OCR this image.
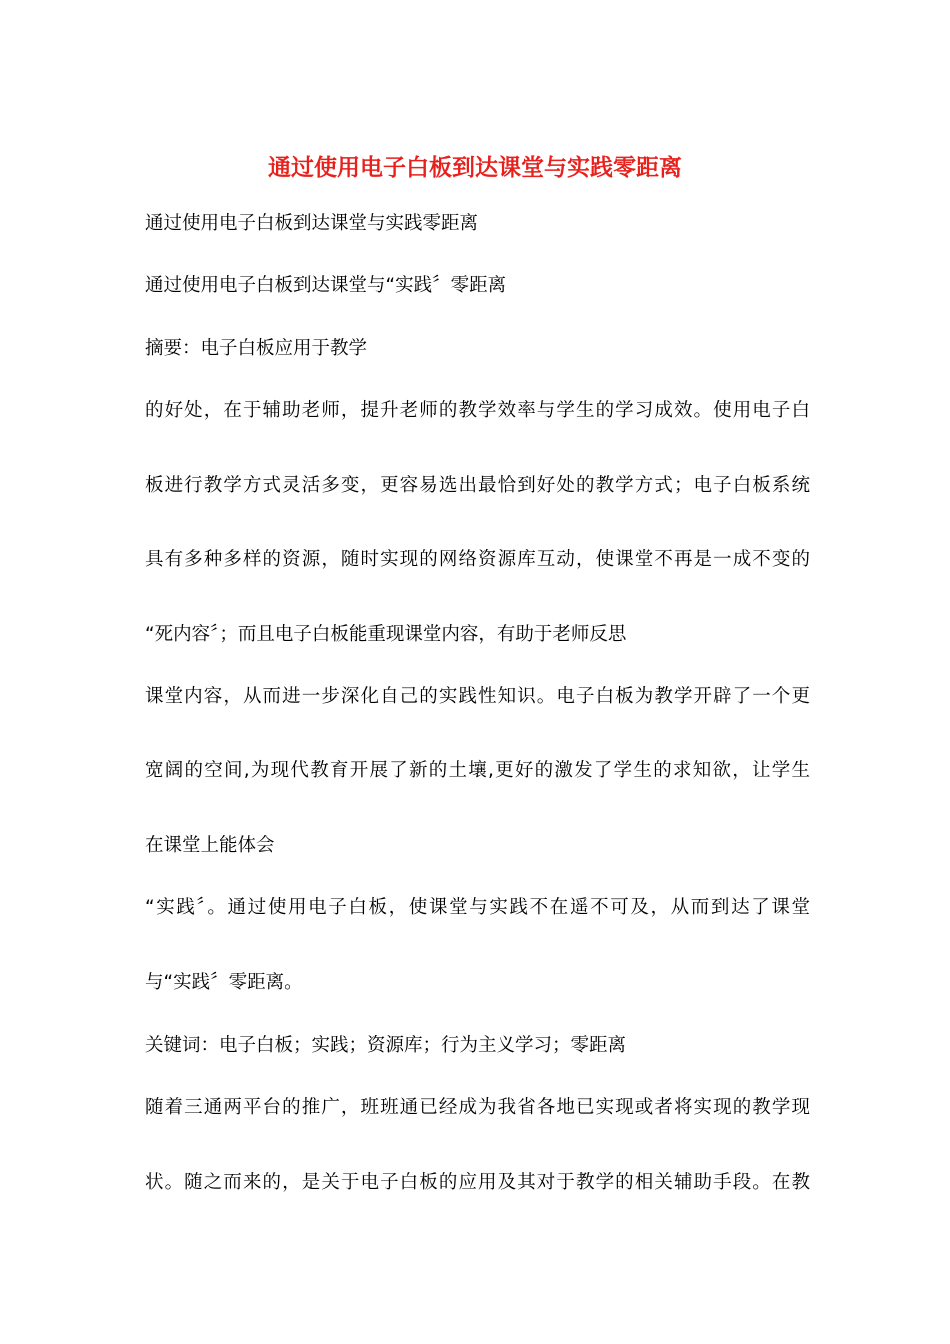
通过使用电子白板到达课堂与实践零距离
通过使用电子白板到达课堂与实践零距离
通过使用电子白板到达课堂与“实践〞零距离
摘要：电子白板应用于教学
的好处，在于辅助老师，提升老师的教学效率与学生的学习成效。使用电子白
板进行教学方式灵活多变，更容易选出最恰到好处的教学方式；电子白板系统
具有多种多样的资源，随时实现的网络资源库互动，使课堂不再是一成不变的
“死内容〞；而且电子白板能重现课堂内容，有助于老师反思
课堂内容，从而进一步深化自己的实践性知识。电子白板为教学开辟了一个更
宽阔的空间,为现代教育开展了新的土壤,更好的激发了学生的求知欲，让学生
在课堂上能体会
“实践〞。通过使用电子白板，使课堂与实践不在遥不可及，从而到达了课堂
与“实践〞零距离。
关键词：电子白板；实践；资源库；行为主义学习；零距离
随着三通两平台的推广，班班通已经成为我省各地已实现或者将实现的教学现
状。随之而来的，是关于电子白板的应用及其对于教学的相关辅助手段。在教
